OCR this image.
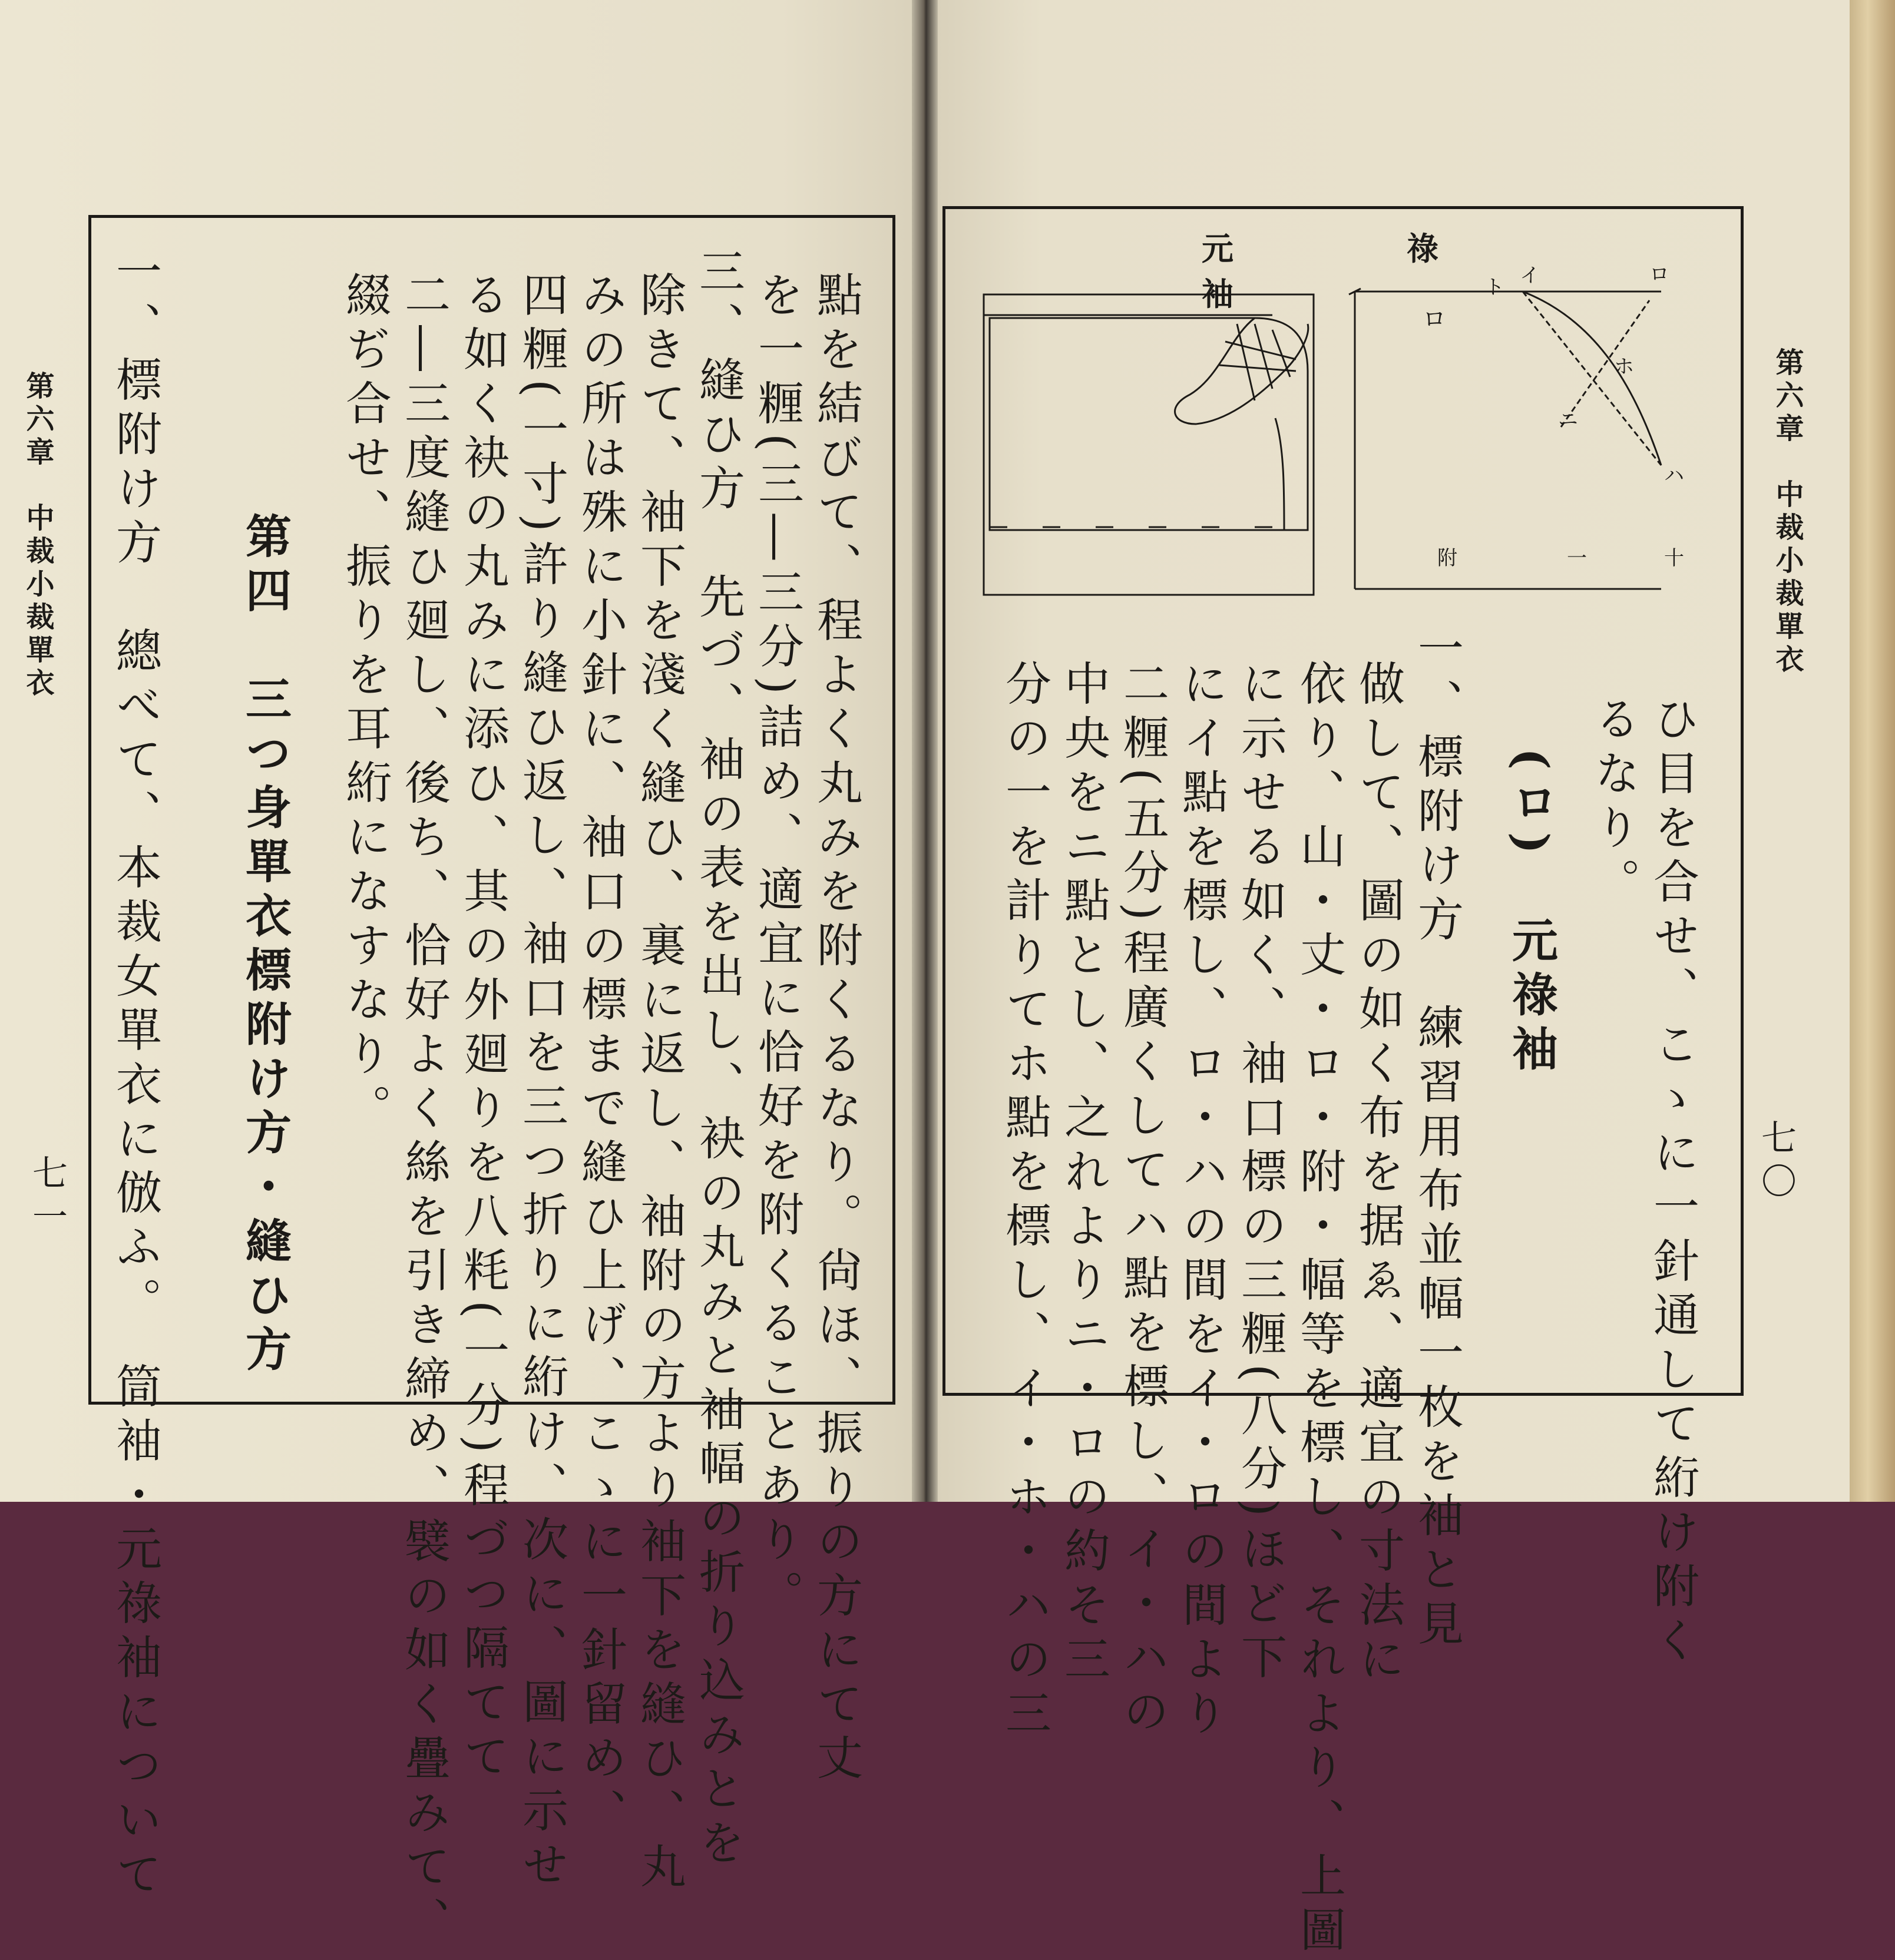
第六章　中裁小裁單衣
七一	點を結びて、程よく丸みを附くるなり。尙ほ、振りの方にて丈
を一糎(三―三分)詰め、適宜に恰好を附くることあり。
三、縫ひ方　先づ、袖の表を出し、袂の丸みと袖幅の折り込みとを
除きて、袖下を淺く縫ひ、裏に返し、袖附の方より袖下を縫ひ、丸
みの所は殊に小針に、袖口の標まで縫ひ上げ、こゝに一針留め、
四糎(一寸)許り縫ひ返し、袖口を三つ折りに絎け、次に、圖に示せ
る如く袂の丸みに添ひ、其の外廻りを八粍(一分)程づつ隔てて
二―三度縫ひ廻し、後ち、恰好よく絲を引き締め、襞の如く疊みて、
綴ぢ合せ、振りを耳絎になすなり。
第四　三つ身單衣標附け方・縫ひ方
一、標附け方　總べて、本裁女單衣に倣ふ。　筒袖・元祿袖について	第六章　中裁小裁單衣
七〇
元　祿　袖	イ	ロ
ハ
ニ
ホ
ロ
附	一	十
ト
ひ目を合せ、こゝに一針通して絎け附く
るなり。
(ロ)　元祿袖
一、標附け方　練習用布並幅一枚を袖と見
做して、圖の如く布を据ゑ、適宜の寸法に
依り、山・丈・ロ・附・幅等を標し、それより、上圖
に示せる如く、袖口標の三糎(八分)ほど下
にイ點を標し、ロ・ハの間をイ・ロの間より
二糎(五分)程廣くしてハ點を標し、イ・ハの
中央をニ點とし、之れよりニ・ロの約そ三
分の一を計りてホ點を標し、イ・ホ・ハの三
